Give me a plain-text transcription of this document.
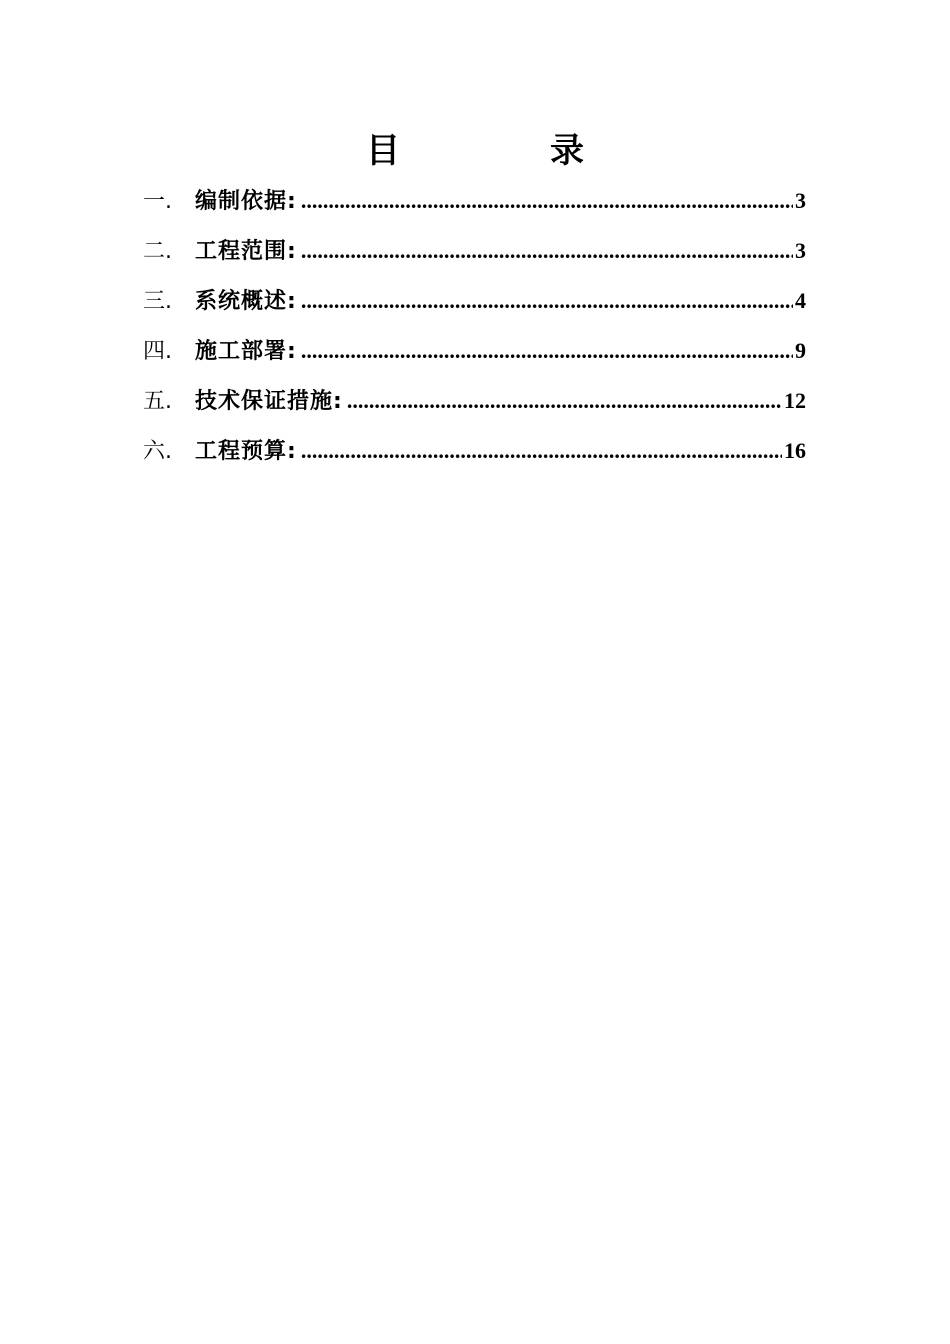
目　录
一.	编制依据: .....	3
二.	工程范围: .....	3
三.	系统概述: .....	4
四.	施工部署: .....	9
五.	技术保证措施: .....	12
六.	工程预算: .....	16
